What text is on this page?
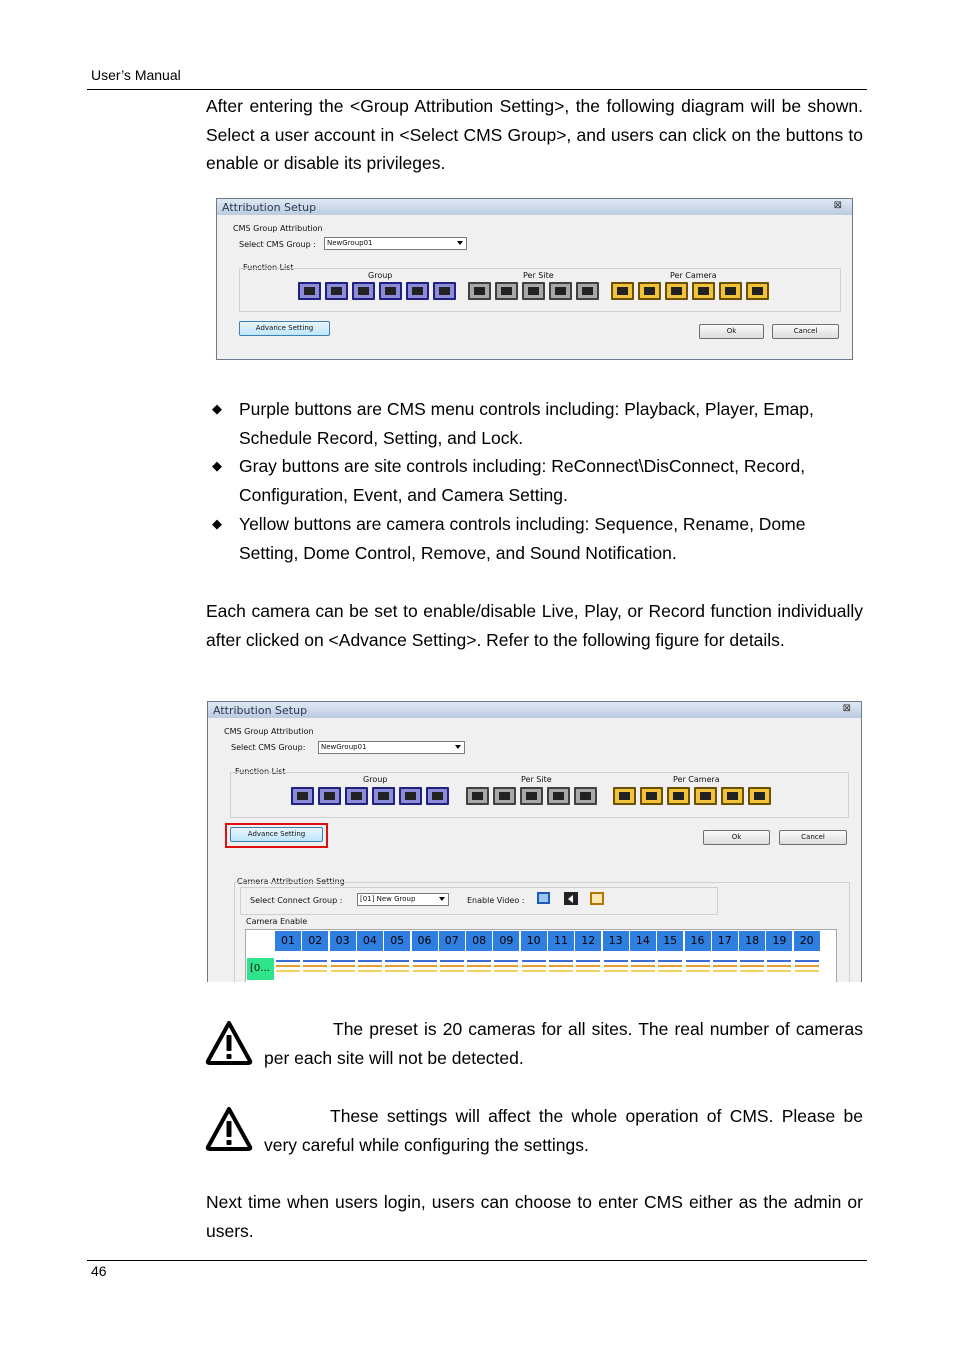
User’s Manual
After entering the <Group Attribution Setting>, the following diagram will be shown. Select a user account in <Select CMS Group>, and users can click on the buttons to enable or disable its privileges.
Attribution Setup	⊠
CMS Group Attribution
Select CMS Group : NewGroup01
Function List
Group	Per Site	Per Camera
Advance Setting	Ok	Cancel
◆ Purple buttons are CMS menu controls including: Playback, Player, Emap, Schedule Record, Setting, and Lock.
◆ Gray buttons are site controls including: ReConnect\DisConnect, Record, Configuration, Event, and Camera Setting.
◆ Yellow buttons are camera controls including: Sequence, Rename, Dome Setting, Dome Control, Remove, and Sound Notification.
Each camera can be set to enable/disable Live, Play, or Record function individually after clicked on <Advance Setting>. Refer to the following figure for details.
Attribution Setup	⊠
CMS Group Attribution
Select CMS Group: NewGroup01
Function List
Group	Per Site	Per Camera
Advance Setting	Ok	Cancel
Camera Attribution Setting
Select Connect Group :	[01] New Group	Enable Video :
Camera Enable
[0...
01	02	03	04	05	06	07	08	09	10	11	12	13	14	15	16	17	18	19	20
The preset is 20 cameras for all sites. The real number of cameras per each site will not be detected.
These settings will affect the whole operation of CMS. Please be very careful while configuring the settings.
Next time when users login, users can choose to enter CMS either as the admin or users.
46
